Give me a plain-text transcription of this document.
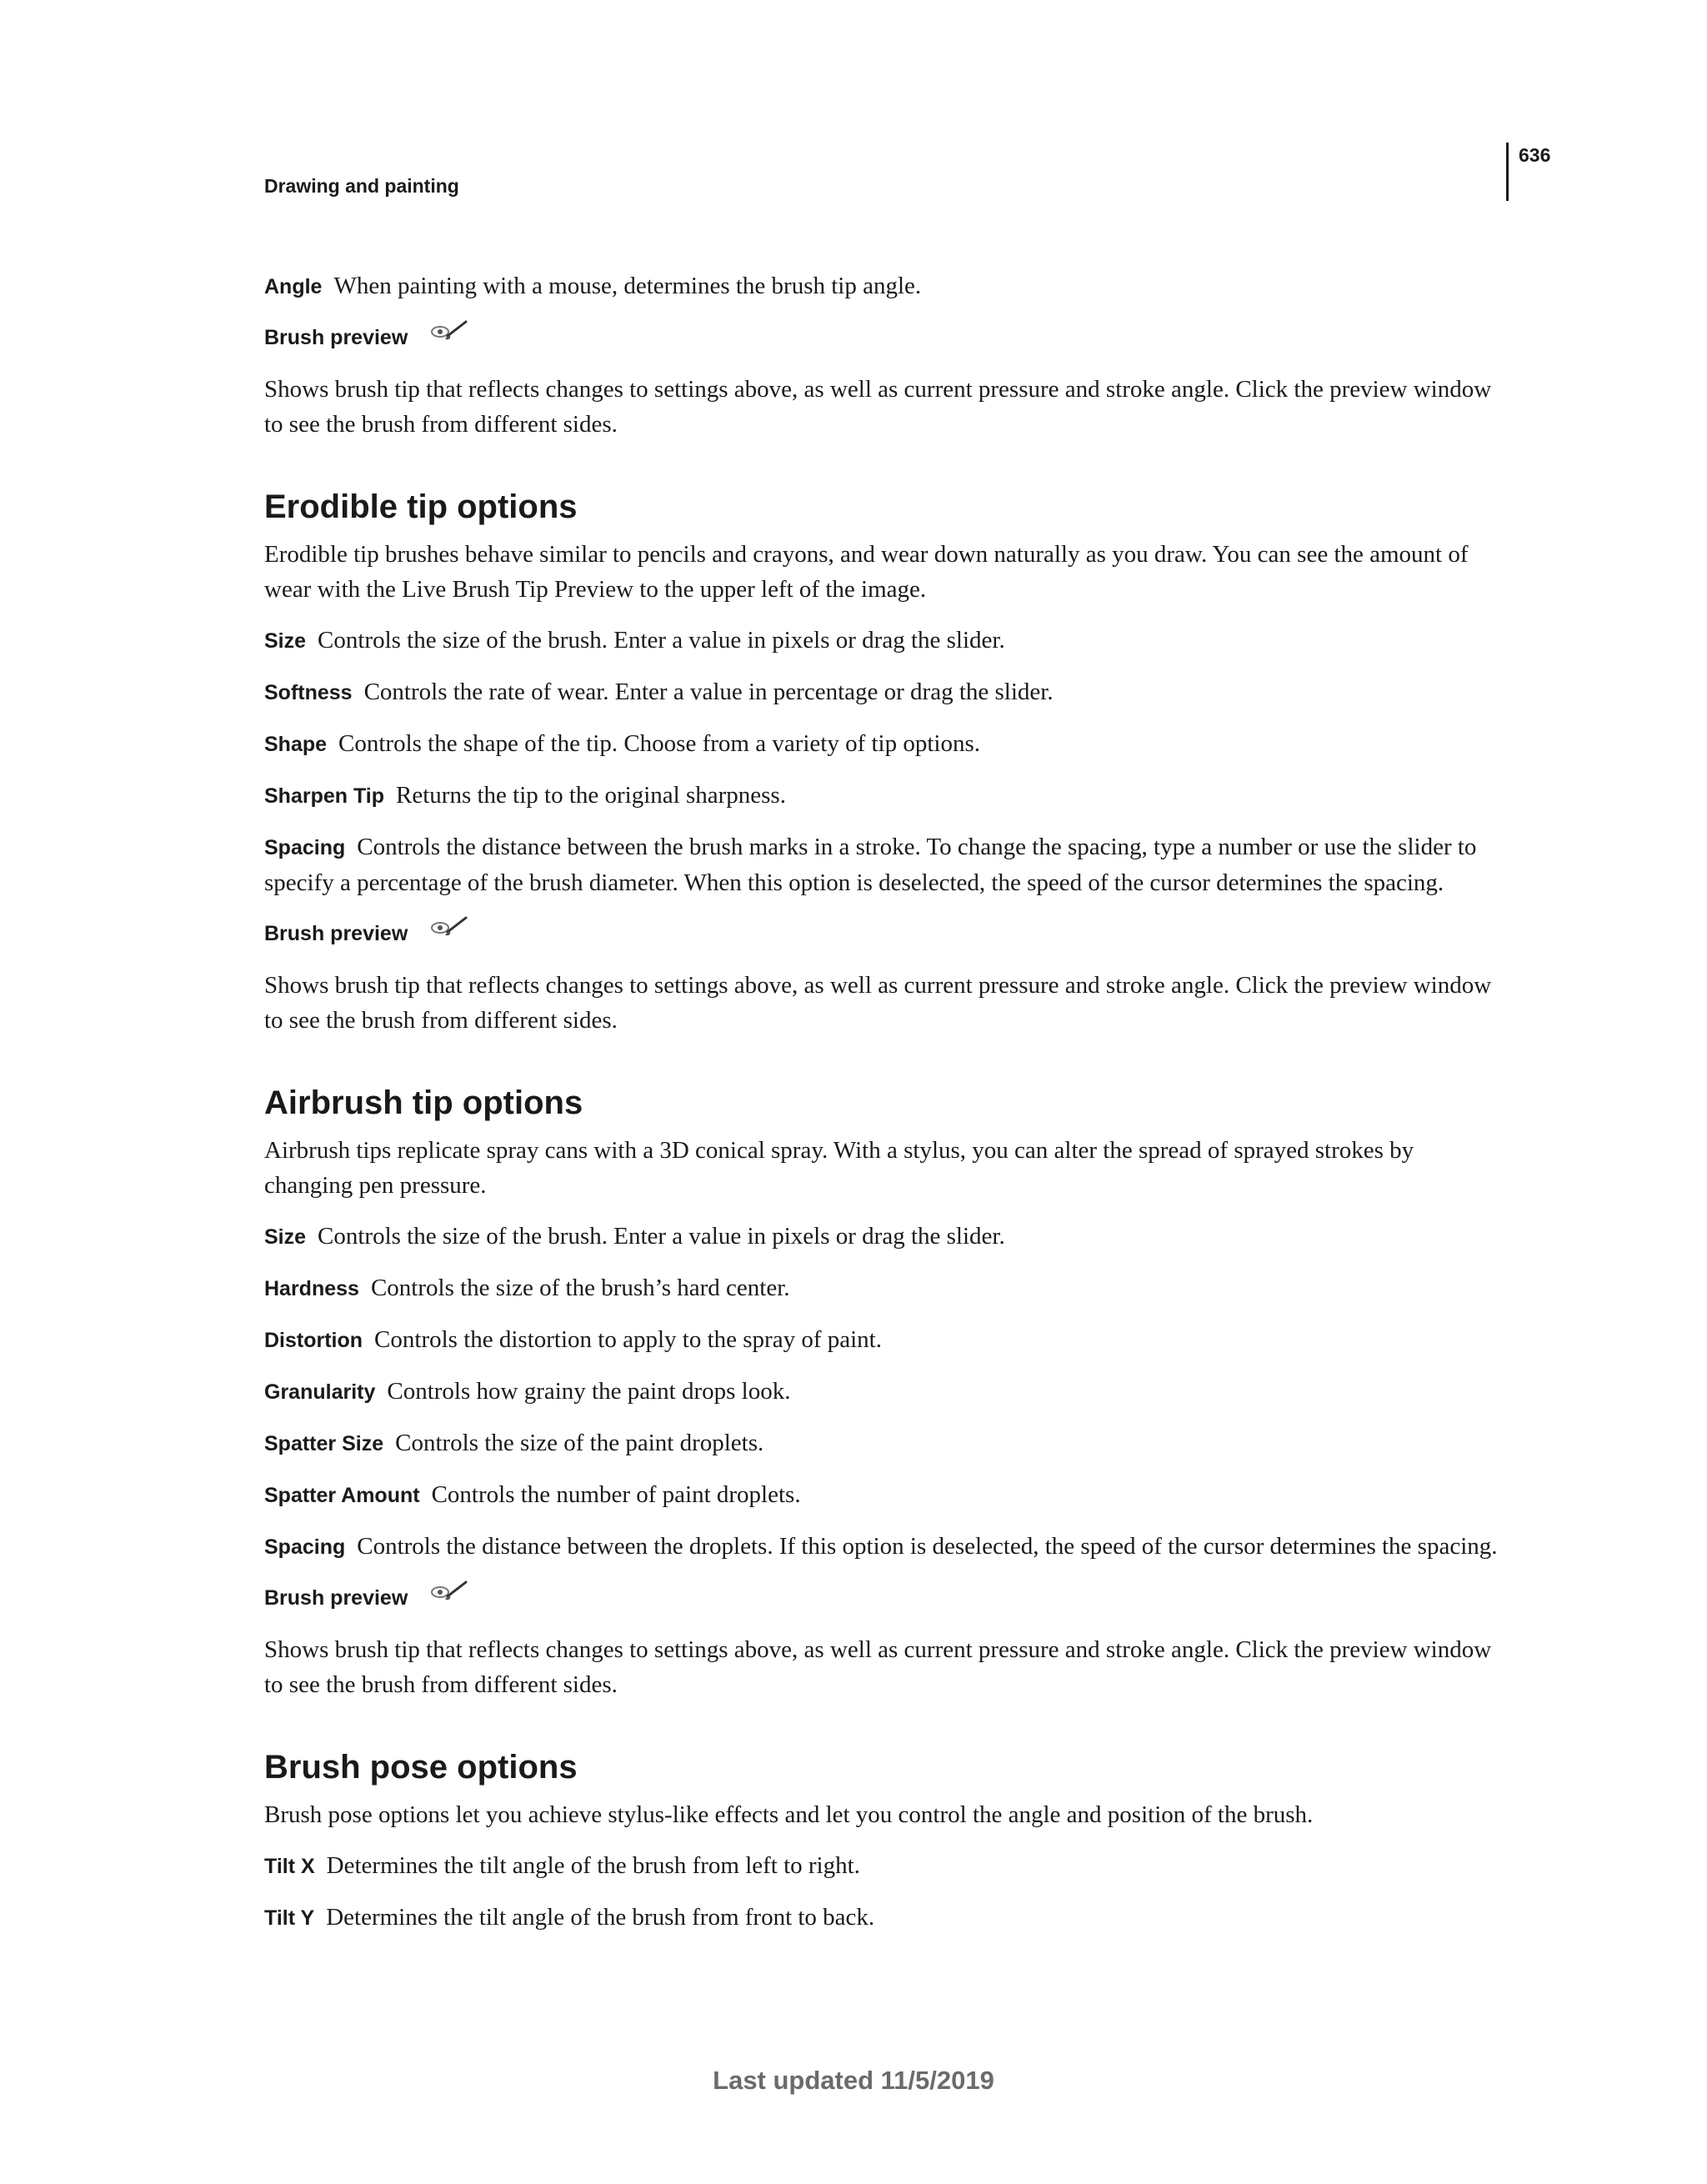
Drawing and painting
636

Angle When painting with a mouse, determines the brush tip angle.

Brush preview

Shows brush tip that reflects changes to settings above, as well as current pressure and stroke angle. Click the preview window to see the brush from different sides.

Erodible tip options

Erodible tip brushes behave similar to pencils and crayons, and wear down naturally as you draw. You can see the amount of wear with the Live Brush Tip Preview to the upper left of the image.

Size Controls the size of the brush. Enter a value in pixels or drag the slider.

Softness Controls the rate of wear. Enter a value in percentage or drag the slider.

Shape Controls the shape of the tip. Choose from a variety of tip options.

Sharpen Tip Returns the tip to the original sharpness.

Spacing Controls the distance between the brush marks in a stroke. To change the spacing, type a number or use the slider to specify a percentage of the brush diameter. When this option is deselected, the speed of the cursor determines the spacing.

Brush preview

Shows brush tip that reflects changes to settings above, as well as current pressure and stroke angle. Click the preview window to see the brush from different sides.

Airbrush tip options

Airbrush tips replicate spray cans with a 3D conical spray. With a stylus, you can alter the spread of sprayed strokes by changing pen pressure.

Size Controls the size of the brush. Enter a value in pixels or drag the slider.

Hardness Controls the size of the brush’s hard center.

Distortion Controls the distortion to apply to the spray of paint.

Granularity Controls how grainy the paint drops look.

Spatter Size Controls the size of the paint droplets.

Spatter Amount Controls the number of paint droplets.

Spacing Controls the distance between the droplets. If this option is deselected, the speed of the cursor determines the spacing.

Brush preview

Shows brush tip that reflects changes to settings above, as well as current pressure and stroke angle. Click the preview window to see the brush from different sides.

Brush pose options

Brush pose options let you achieve stylus-like effects and let you control the angle and position of the brush.

Tilt X Determines the tilt angle of the brush from left to right.

Tilt Y Determines the tilt angle of the brush from front to back.

Last updated 11/5/2019
